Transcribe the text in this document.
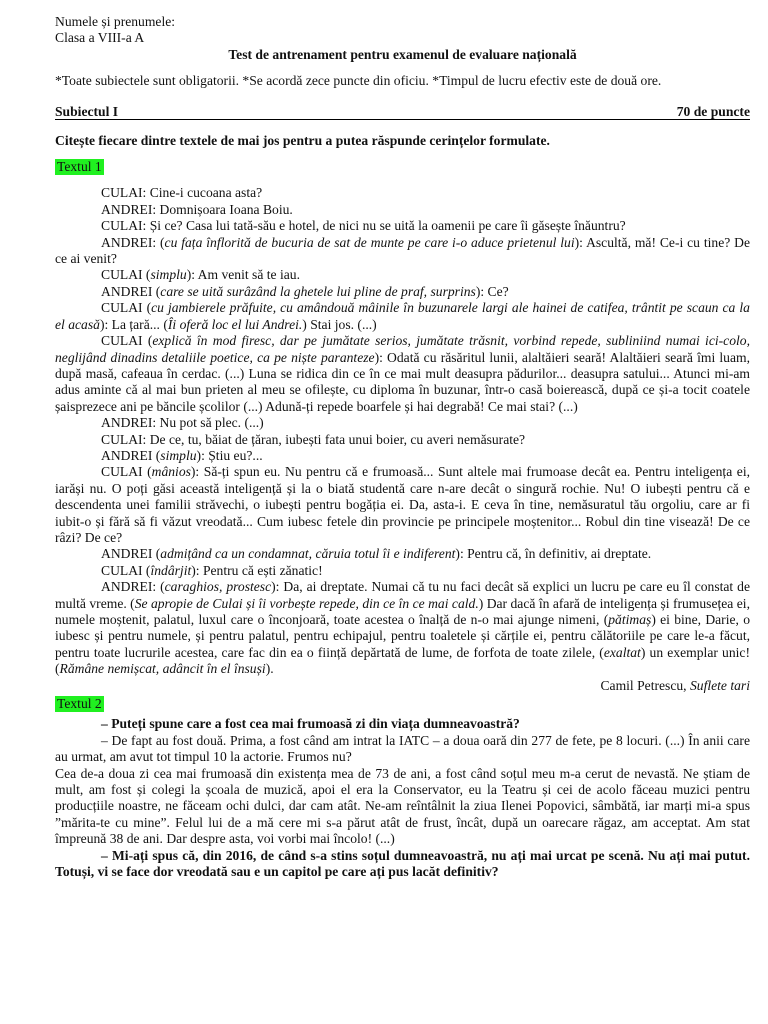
Numele și prenumele:

Clasa a VIII-a A

Test de antrenament pentru examenul de evaluare națională

*Toate subiectele sunt obligatorii. *Se acordă zece puncte din oficiu. *Timpul de lucru efectiv este de două ore.

Subiectul I	70 de puncte

Citește fiecare dintre textele de mai jos pentru a putea răspunde cerințelor formulate.

Textul 1

CULAI: Cine-i cucoana asta?

ANDREI: Domnișoara Ioana Boiu.

CULAI: Și ce? Casa lui tată-său e hotel, de nici nu se uită la oamenii pe care îi găsește înăuntru?

ANDREI: (cu fața înflorită de bucuria de sat de munte pe care i-o aduce prietenul lui): Ascultă, mă! Ce-i cu tine? De ce ai venit?

CULAI (simplu): Am venit să te iau.

ANDREI (care se uită surâzând la ghetele lui pline de praf, surprins): Ce?

CULAI (cu jambierele prăfuite, cu amândouă mâinile în buzunarele largi ale hainei de catifea, trântit pe scaun ca la el acasă): La țară... (Îi oferă loc el lui Andrei.) Stai jos. (...)

CULAI (explică în mod firesc, dar pe jumătate serios, jumătate trăsnit, vorbind repede, subliniind numai ici-colo, neglijând dinadins detaliile poetice, ca pe niște paranteze): Odată cu răsăritul lunii, alaltăieri seară! Alaltăieri seară îmi luam, după masă, cafeaua în cerdac. (...) Luna se ridica din ce în ce mai mult deasupra pădurilor... deasupra satului... Atunci mi-am adus aminte că al mai bun prieten al meu se ofilește, cu diploma în buzunar, într-o casă boierească, după ce și-a tocit coatele șaisprezece ani pe băncile școlilor (...) Adună-ți repede boarfele și hai degrabă! Ce mai stai? (...)

ANDREI: Nu pot să plec. (...)

CULAI: De ce, tu, băiat de țăran, iubești fata unui boier, cu averi nemăsurate?

ANDREI (simplu): Știu eu?...

CULAI (mânios): Să-ți spun eu. Nu pentru că e frumoasă... Sunt altele mai frumoase decât ea. Pentru inteligența ei, iarăși nu. O poți găsi această inteligență și la o biată studentă care n-are decât o singură rochie. Nu! O iubești pentru că e descendenta unei familii străvechi, o iubești pentru bogăția ei. Da, asta-i. E ceva în tine, nemăsuratul tău orgoliu, care ar fi iubit-o și fără să fi văzut vreodată... Cum iubesc fetele din provincie pe principele moștenitor... Robul din tine visează! De ce râzi? De ce?

ANDREI (admițând ca un condamnat, căruia totul îi e indiferent): Pentru că, în definitiv, ai dreptate.

CULAI (îndârjit): Pentru că ești zănatic!

ANDREI: (caraghios, prostesc): Da, ai dreptate. Numai că tu nu faci decât să explici un lucru pe care eu îl constat de multă vreme. (Se apropie de Culai și îi vorbește repede, din ce în ce mai cald.) Dar dacă în afară de inteligența și frumusețea ei, numele moștenit, palatul, luxul care o înconjoară, toate acestea o înalță de n-o mai ajunge nimeni, (pătimaș) ei bine, Darie, o iubesc și pentru numele, și pentru palatul, pentru echipajul, pentru toaletele și cărțile ei, pentru călătoriile pe care le-a făcut, pentru toate lucrurile acestea, care fac din ea o ființă depărtată de lume, de forfota de toate zilele, (exaltat) un exemplar unic! (Rămâne nemișcat, adâncit în el însuși).

Camil Petrescu, Suflete tari

Textul 2

– Puteți spune care a fost cea mai frumoasă zi din viața dumneavoastră?

– De fapt au fost două. Prima, a fost când am intrat la IATC – a doua oară din 277 de fete, pe 8 locuri. (...) În anii care au urmat, am avut tot timpul 10 la actorie. Frumos nu?

Cea de-a doua zi cea mai frumoasă din existența mea de 73 de ani, a fost când soțul meu m-a cerut de nevastă. Ne știam de mult, am fost și colegi la școala de muzică, apoi el era la Conservator, eu la Teatru și cei de acolo făceau muzici pentru producțiile noastre, ne făceam ochi dulci, dar cam atât. Ne-am reîntâlnit la ziua Ilenei Popovici, sâmbătă, iar marți mi-a spus ”mărita-te cu mine”. Felul lui de a mă cere mi s-a părut atât de frust, încât, după un oarecare răgaz, am acceptat. Am stat împreună 38 de ani. Dar despre asta, voi vorbi mai încolo! (...)

– Mi-ați spus că, din 2016, de când s-a stins soțul dumneavoastră, nu ați mai urcat pe scenă. Nu ați mai putut. Totuși, vi se face dor vreodată sau e un capitol pe care ați pus lacăt definitiv?
